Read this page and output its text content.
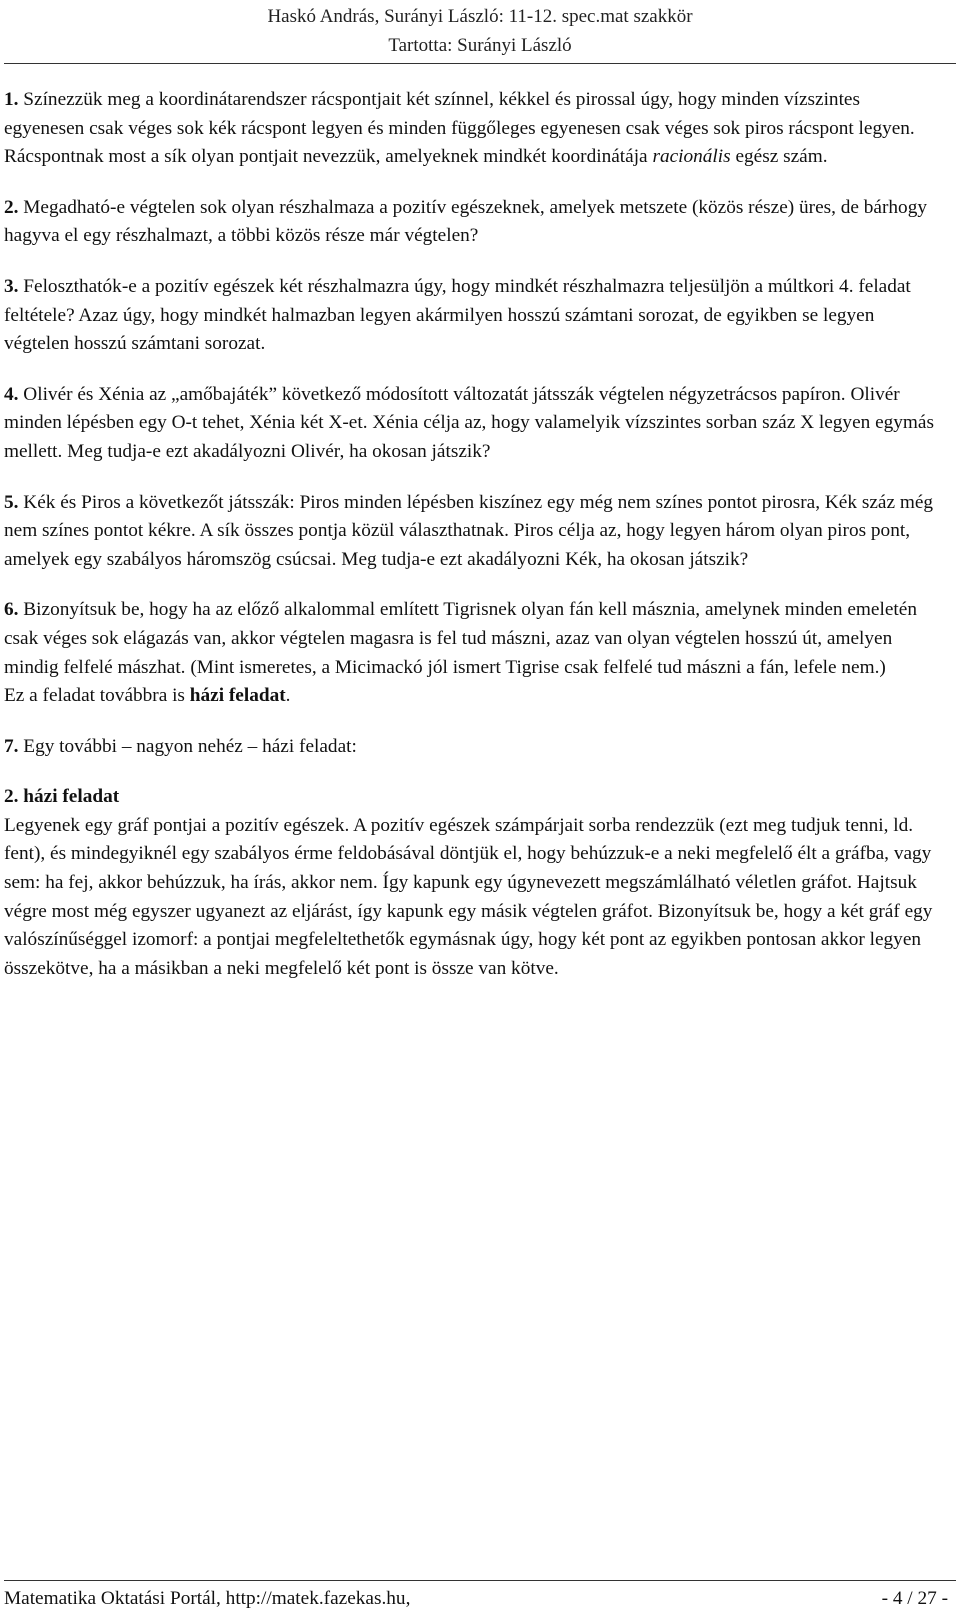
Haskó András, Surányi László: 11-12. spec.mat szakkör
Tartotta: Surányi László

1. Színezzük meg a koordinátarendszer rácspontjait két színnel, kékkel és pirossal úgy, hogy minden vízszintes egyenesen csak véges sok kék rácspont legyen és minden függőleges egyenesen csak véges sok piros rácspont legyen. Rácspontnak most a sík olyan pontjait nevezzük, amelyeknek mindkét koordinátája racionális egész szám.

2. Megadható-e végtelen sok olyan részhalmaza a pozitív egészeknek, amelyek metszete (közös része) üres, de bárhogy hagyva el egy részhalmazt, a többi közös része már végtelen?

3. Feloszthatók-e a pozitív egészek két részhalmazra úgy, hogy mindkét részhalmazra teljesüljön a múltkori 4. feladat feltétele? Azaz úgy, hogy mindkét halmazban legyen akármilyen hosszú számtani sorozat, de egyikben se legyen végtelen hosszú számtani sorozat.

4. Olivér és Xénia az „amőbajáték” következő módosított változatát játsszák végtelen négyzetrácsos papíron. Olivér minden lépésben egy O-t tehet, Xénia két X-et. Xénia célja az, hogy valamelyik vízszintes sorban száz X legyen egymás mellett. Meg tudja-e ezt akadályozni Olivér, ha okosan játszik?

5. Kék és Piros a következőt játsszák: Piros minden lépésben kiszínez egy még nem színes pontot pirosra, Kék száz még nem színes pontot kékre. A sík összes pontja közül választhatnak. Piros célja az, hogy legyen három olyan piros pont, amelyek egy szabályos háromszög csúcsai. Meg tudja-e ezt akadályozni Kék, ha okosan játszik?

6. Bizonyítsuk be, hogy ha az előző alkalommal említett Tigrisnek olyan fán kell másznia, amelynek minden emeletén csak véges sok elágazás van, akkor végtelen magasra is fel tud mászni, azaz van olyan végtelen hosszú út, amelyen mindig felfelé mászhat. (Mint ismeretes, a Micimackó jól ismert Tigrise csak felfelé tud mászni a fán, lefele nem.)
Ez a feladat továbbra is házi feladat.

7. Egy további – nagyon nehéz – házi feladat:

2. házi feladat
Legyenek egy gráf pontjai a pozitív egészek. A pozitív egészek számpárjait sorba rendezzük (ezt meg tudjuk tenni, ld. fent), és mindegyiknél egy szabályos érme feldobásával döntjük el, hogy behúzzuk-e a neki megfelelő élt a gráfba, vagy sem: ha fej, akkor behúzzuk, ha írás, akkor nem. Így kapunk egy úgynevezett megszámlálható véletlen gráfot. Hajtsuk végre most még egyszer ugyanezt az eljárást, így kapunk egy másik végtelen gráfot. Bizonyítsuk be, hogy a két gráf egy valószínűséggel izomorf: a pontjai megfeleltethetők egymásnak úgy, hogy két pont az egyikben pontosan akkor legyen összekötve, ha a másikban a neki megfelelő két pont is össze van kötve.

Matematika Oktatási Portál, http://matek.fazekas.hu,	- 4 / 27 -
